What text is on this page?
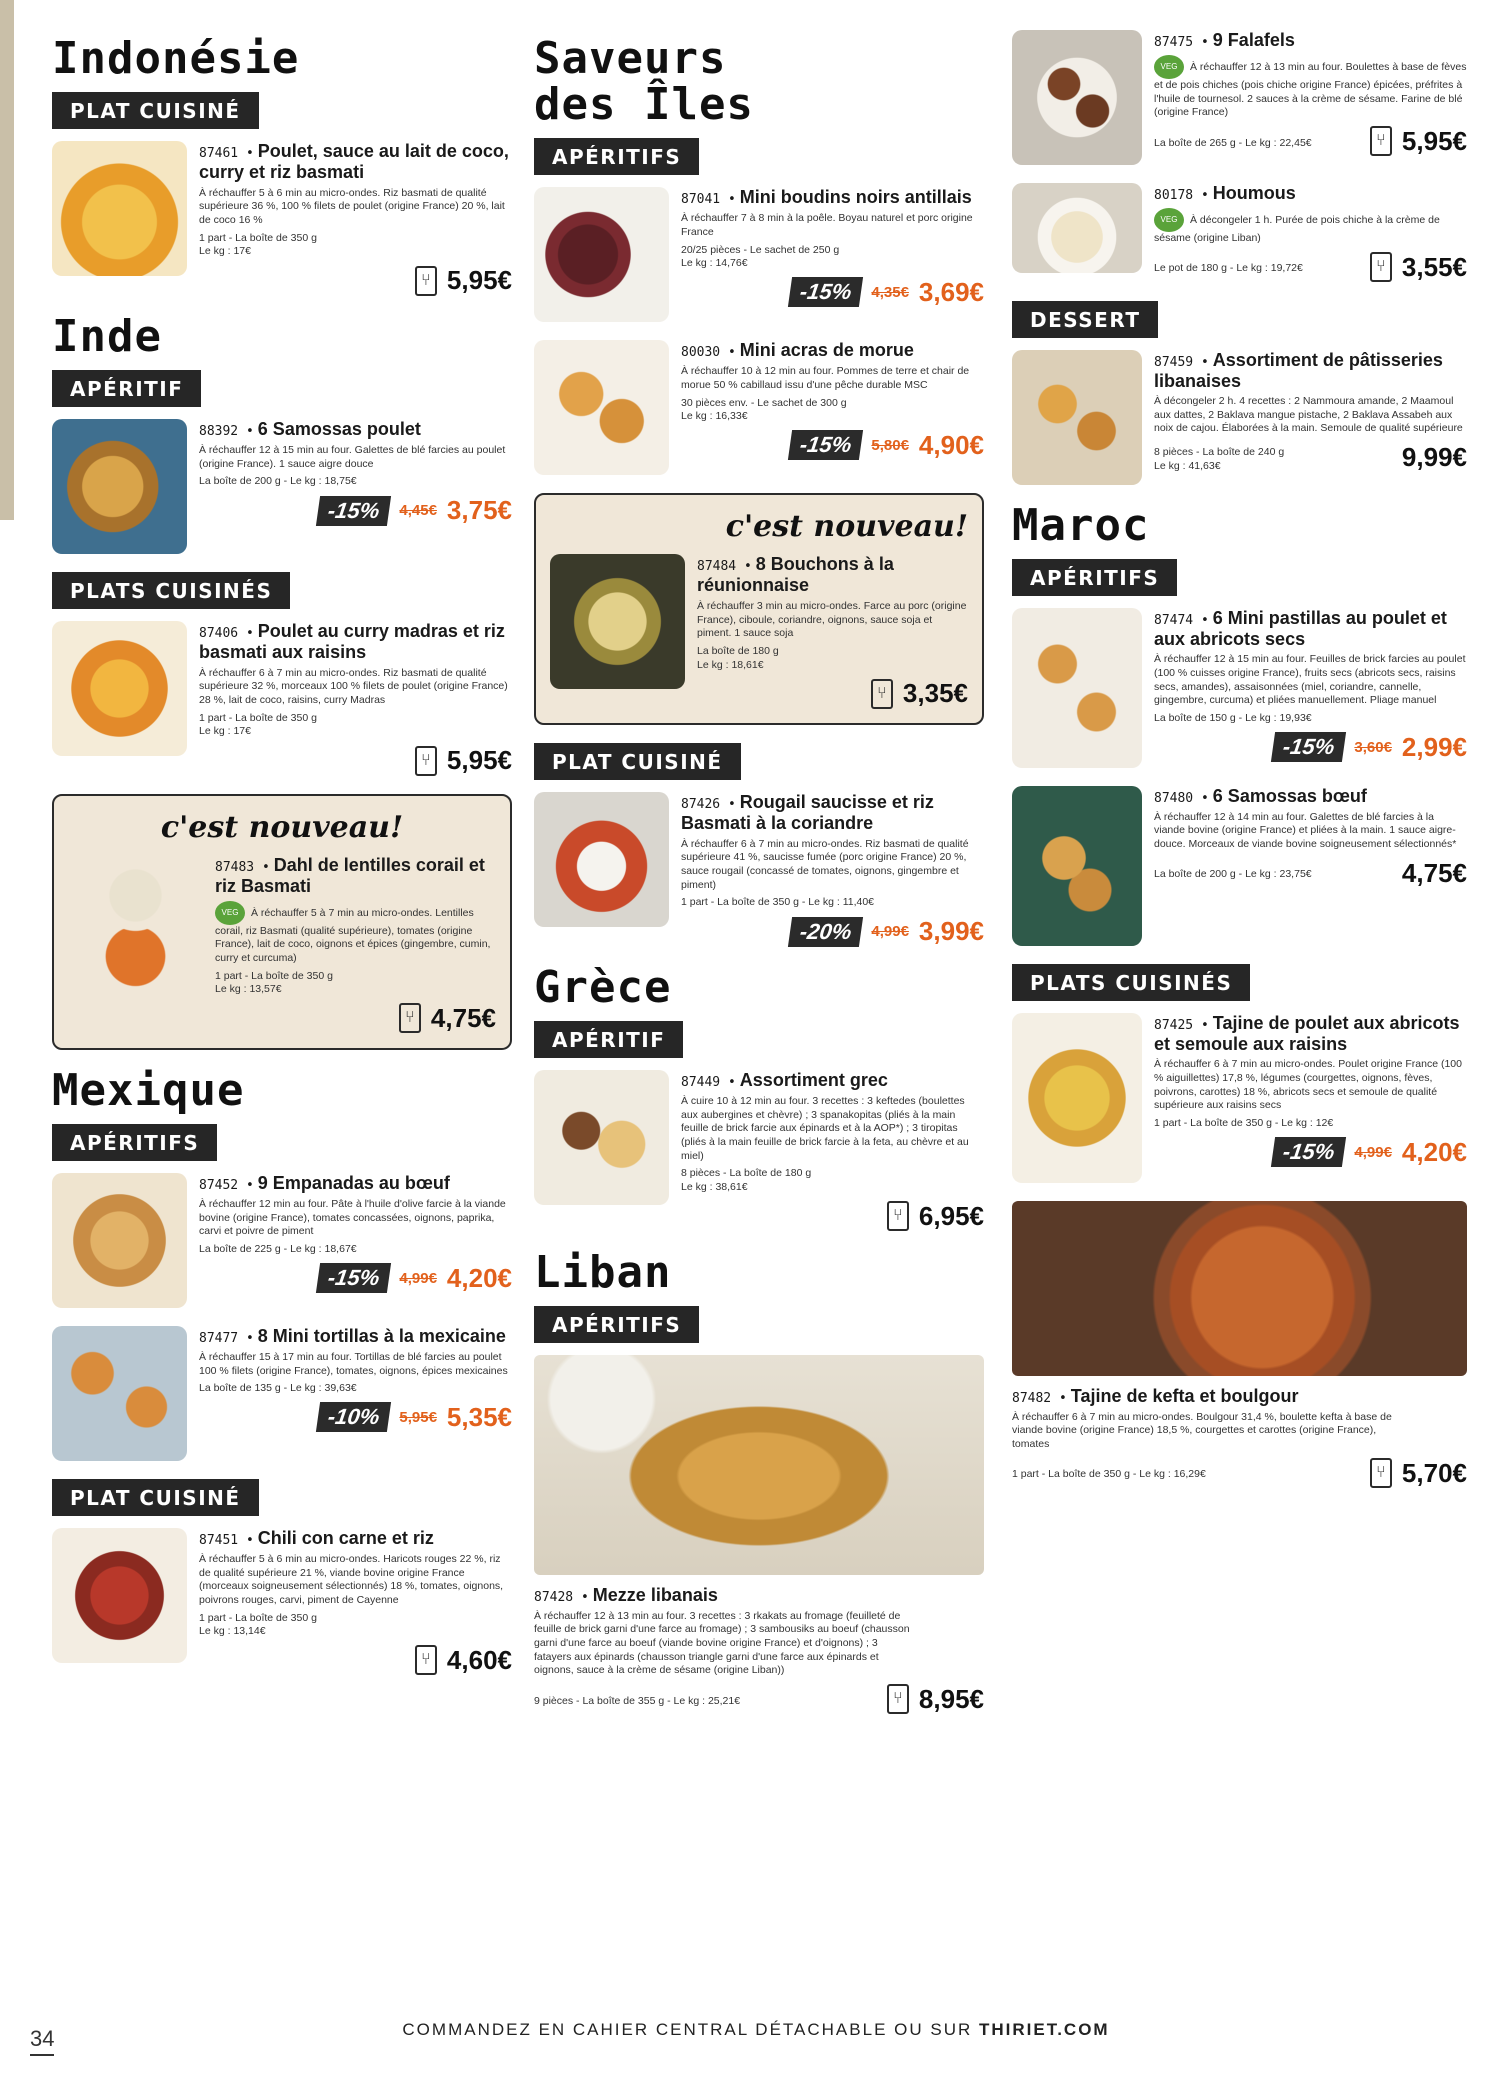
Indonésie
PLAT CUISINÉ
87461 • Poulet, sauce au lait de coco, curry et riz basmati
À réchauffer 5 à 6 min au micro-ondes. Riz basmati de qualité supérieure 36 %, 100 % filets de poulet (origine France) 20 %, lait de coco 16 %
1 part - La boîte de 350 g
Le kg : 17€
⑂ 5,95€
Inde
APÉRITIF
88392 • 6 Samossas poulet
À réchauffer 12 à 15 min au four. Galettes de blé farcies au poulet (origine France). 1 sauce aigre douce
La boîte de 200 g - Le kg : 18,75€
-15%	4,45€ 3,75€
PLATS CUISINÉS
87406 • Poulet au curry madras et riz basmati aux raisins
À réchauffer 6 à 7 min au micro-ondes. Riz basmati de qualité supérieure 32 %, morceaux 100 % filets de poulet (origine France) 28 %, lait de coco, raisins, curry Madras
1 part - La boîte de 350 g
Le kg : 17€
⑂ 5,95€
c'est nouveau!
87483 • Dahl de lentilles corail et riz Basmati
VEG À réchauffer 5 à 7 min au micro-ondes. Lentilles corail, riz Basmati (qualité supérieure), tomates (origine France), lait de coco, oignons et épices (gingembre, cumin, curry et curcuma)
1 part - La boîte de 350 g
Le kg : 13,57€
⑂ 4,75€
Mexique
APÉRITIFS
87452 • 9 Empanadas au bœuf
À réchauffer 12 min au four. Pâte à l'huile d'olive farcie à la viande bovine (origine France), tomates concassées, oignons, paprika, carvi et poivre de piment
La boîte de 225 g - Le kg : 18,67€
-15%	4,99€ 4,20€
87477 • 8 Mini tortillas à la mexicaine
À réchauffer 15 à 17 min au four. Tortillas de blé farcies au poulet 100 % filets (origine France), tomates, oignons, épices mexicaines
La boîte de 135 g - Le kg : 39,63€
-10%	5,95€ 5,35€
PLAT CUISINÉ
87451 • Chili con carne et riz
À réchauffer 5 à 6 min au micro-ondes. Haricots rouges 22 %, riz de qualité supérieure 21 %, viande bovine origine France (morceaux soigneusement sélectionnés) 18 %, tomates, oignons, poivrons rouges, carvi, piment de Cayenne
1 part - La boîte de 350 g
Le kg : 13,14€
⑂ 4,60€
Saveurs des Îles
APÉRITIFS
87041 • Mini boudins noirs antillais
À réchauffer 7 à 8 min à la poêle. Boyau naturel et porc origine France
20/25 pièces - Le sachet de 250 g
Le kg : 14,76€
-15%	4,35€ 3,69€
80030 • Mini acras de morue
À réchauffer 10 à 12 min au four. Pommes de terre et chair de morue 50 % cabillaud issu d'une pêche durable MSC
30 pièces env. - Le sachet de 300 g
Le kg : 16,33€
-15%	5,80€ 4,90€
c'est nouveau!
87484 • 8 Bouchons à la réunionnaise
À réchauffer 3 min au micro-ondes. Farce au porc (origine France), ciboule, coriandre, oignons, sauce soja et piment. 1 sauce soja
La boîte de 180 g
Le kg : 18,61€
⑂ 3,35€
PLAT CUISINÉ
87426 • Rougail saucisse et riz Basmati à la coriandre
À réchauffer 6 à 7 min au micro-ondes. Riz basmati de qualité supérieure 41 %, saucisse fumée (porc origine France) 20 %, sauce rougail (concassé de tomates, oignons, gingembre et piment)
1 part - La boîte de 350 g - Le kg : 11,40€
-20%	4,99€ 3,99€
Grèce
APÉRITIF
87449 • Assortiment grec
À cuire 10 à 12 min au four. 3 recettes : 3 keftedes (boulettes aux aubergines et chèvre) ; 3 spanakopitas (pliés à la main feuille de brick farcie aux épinards et à la AOP*) ; 3 tiropitas (pliés à la main feuille de brick farcie à la feta, au chèvre et au miel)
8 pièces - La boîte de 180 g
Le kg : 38,61€
⑂ 6,95€
Liban
APÉRITIFS
87428 • Mezze libanais
À réchauffer 12 à 13 min au four. 3 recettes : 3 rkakats au fromage (feuilleté de feuille de brick garni d'une farce au fromage) ; 3 sambousiks au boeuf (chausson garni d'une farce au boeuf (viande bovine origine France) et d'oignons) ; 3 fatayers aux épinards (chausson triangle garni d'une farce aux épinards et oignons, sauce à la crème de sésame (origine Liban))
9 pièces - La boîte de 355 g - Le kg : 25,21€	⑂ 8,95€
87475 • 9 Falafels
VEG À réchauffer 12 à 13 min au four. Boulettes à base de fèves et de pois chiches (pois chiche origine France) épicées, préfrites à l'huile de tournesol. 2 sauces à la crème de sésame. Farine de blé (origine France)
La boîte de 265 g - Le kg : 22,45€	⑂ 5,95€
80178 • Houmous
VEG À décongeler 1 h. Purée de pois chiche à la crème de sésame (origine Liban)
Le pot de 180 g - Le kg : 19,72€	⑂ 3,55€
DESSERT
87459 • Assortiment de pâtisseries libanaises
À décongeler 2 h. 4 recettes : 2 Nammoura amande, 2 Maamoul aux dattes, 2 Baklava mangue pistache, 2 Baklava Assabeh aux noix de cajou. Élaborées à la main. Semoule de qualité supérieure
8 pièces - La boîte de 240 g
Le kg : 41,63€	9,99€
Maroc
APÉRITIFS
87474 • 6 Mini pastillas au poulet et aux abricots secs
À réchauffer 12 à 15 min au four. Feuilles de brick farcies au poulet (100 % cuisses origine France), fruits secs (abricots secs, raisins secs, amandes), assaisonnées (miel, coriandre, cannelle, gingembre, curcuma) et pliées manuellement. Pliage manuel
La boîte de 150 g - Le kg : 19,93€
-15%	3,60€ 2,99€
87480 • 6 Samossas bœuf
À réchauffer 12 à 14 min au four. Galettes de blé farcies à la viande bovine (origine France) et pliées à la main. 1 sauce aigre-douce. Morceaux de viande bovine soigneusement sélectionnés*
La boîte de 200 g - Le kg : 23,75€	4,75€
PLATS CUISINÉS
87425 • Tajine de poulet aux abricots et semoule aux raisins
À réchauffer 6 à 7 min au micro-ondes. Poulet origine France (100 % aiguillettes) 17,8 %, légumes (courgettes, oignons, fèves, poivrons, carottes) 18 %, abricots secs et semoule de qualité supérieure aux raisins secs
1 part - La boîte de 350 g - Le kg : 12€
-15%	4,99€ 4,20€
87482 • Tajine de kefta et boulgour
À réchauffer 6 à 7 min au micro-ondes. Boulgour 31,4 %, boulette kefta à base de viande bovine (origine France) 18,5 %, courgettes et carottes (origine France), tomates
1 part - La boîte de 350 g - Le kg : 16,29€	⑂ 5,70€
34	COMMANDEZ EN CAHIER CENTRAL DÉTACHABLE OU SUR THIRIET.COM
